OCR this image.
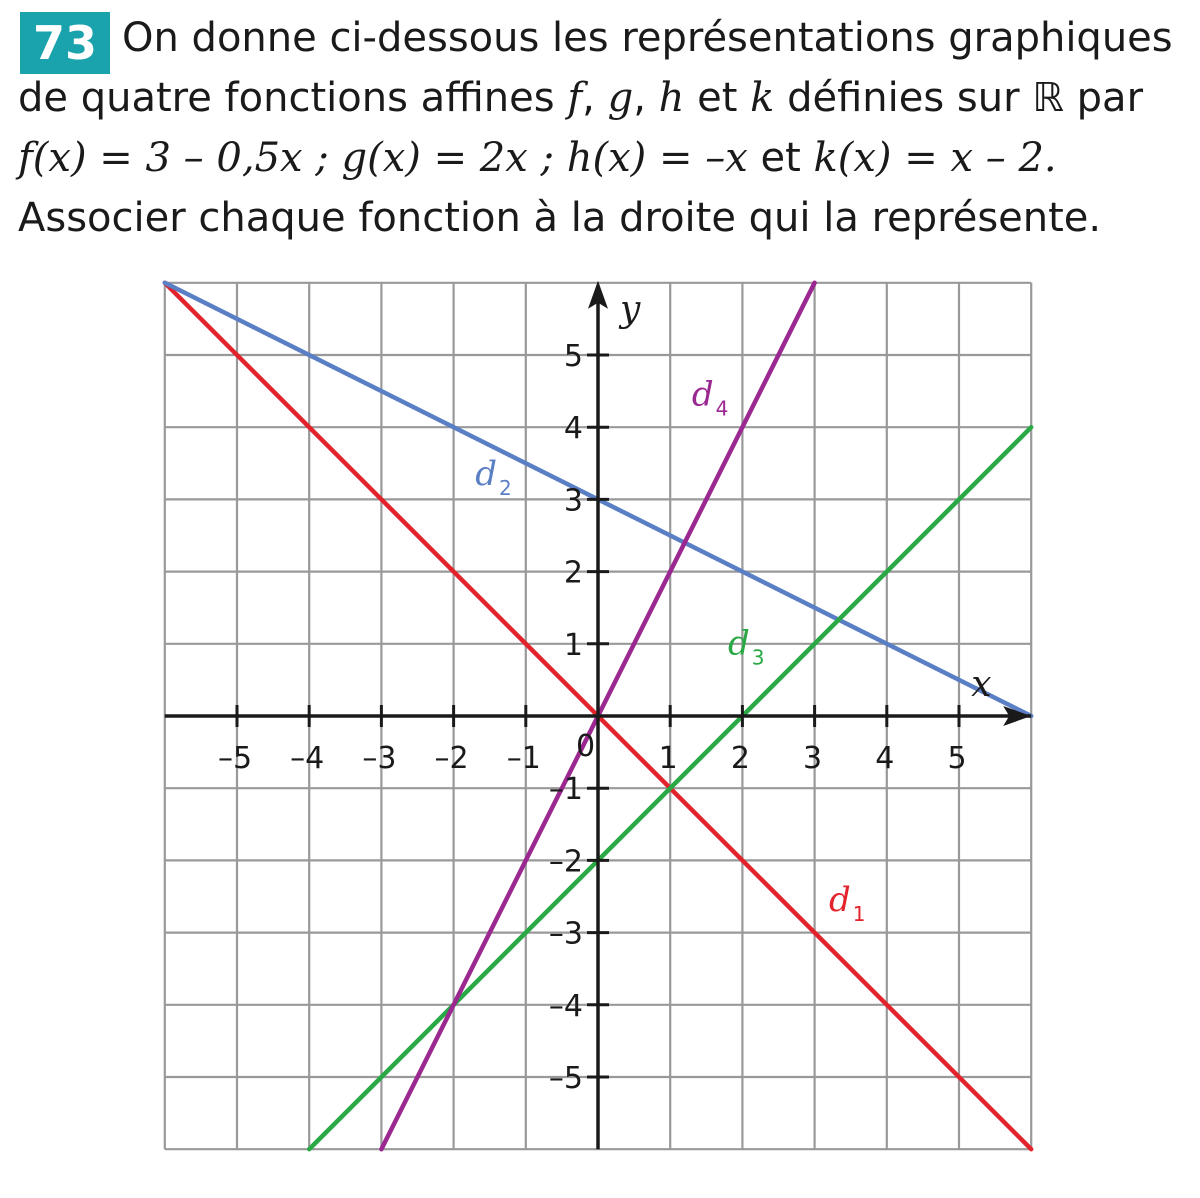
73 On donne ci-dessous les représentations graphiques
de quatre fonctions affines f, g, h et k définies sur ℝ par
f(x) = 3 – 0,5x ; g(x) = 2x ; h(x) = –x et k(x) = x – 2.
Associer chaque fonction à la droite qui la représente.

d 1
d 2
d 3
d 4
–5 –4 –3 –2 –1	1 2 3 4 5
5
4
3
2
1
–1
–2
–3
–4
–5
0
x
y
